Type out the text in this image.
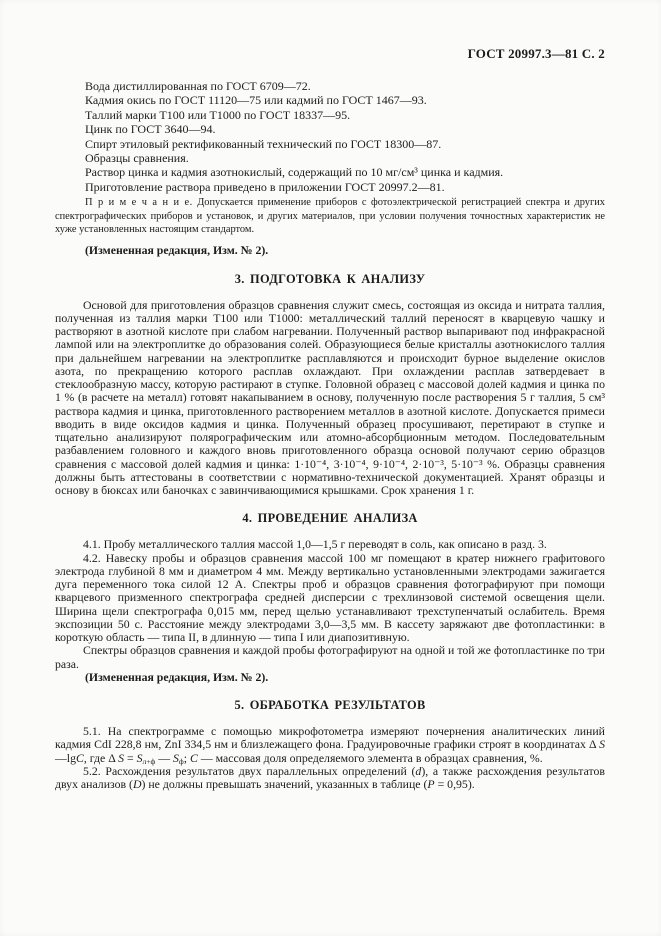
ГОСТ 20997.3—81 С. 2

Вода дистиллированная по ГОСТ 6709—72.

Кадмия окись по ГОСТ 11120—75 или кадмий по ГОСТ 1467—93.

Таллий марки Т100 или Т1000 по ГОСТ 18337—95.

Цинк по ГОСТ 3640—94.

Спирт этиловый ректификованный технический по ГОСТ 18300—87.

Образцы сравнения.

Раствор цинка и кадмия азотнокислый, содержащий по 10 мг/см³ цинка и кадмия.

Приготовление раствора приведено в приложении ГОСТ 20997.2—81.

П р и м е ч а н и е. Допускается применение приборов с фотоэлектрической регистрацией спектра и других спектрографических приборов и установок, и других материалов, при условии получения точностных характеристик не хуже установленных настоящим стандартом.

(Измененная редакция, Изм. № 2).

3. ПОДГОТОВКА К АНАЛИЗУ

Основой для приготовления образцов сравнения служит смесь, состоящая из оксида и нитрата таллия, полученная из таллия марки Т100 или Т1000: металлический таллий переносят в кварцевую чашку и растворяют в азотной кислоте при слабом нагревании. Полученный раствор выпаривают под инфракрасной лампой или на электроплитке до образования солей. Образующиеся белые кристаллы азотнокислого таллия при дальнейшем нагревании на электроплитке расплавляются и происходит бурное выделение окислов азота, по прекращению которого расплав охлаждают. При охлаждении расплав затвердевает в стеклообразную массу, которую растирают в ступке. Головной образец с массовой долей кадмия и цинка по 1 % (в расчете на металл) готовят накапыванием в основу, полученную после растворения 5 г таллия, 5 см³ раствора кадмия и цинка, приготовленного растворением металлов в азотной кислоте. Допускается примеси вводить в виде оксидов кадмия и цинка. Полученный образец просушивают, перетирают в ступке и тщательно анализируют полярографическим или атомно-абсорбционным методом. Последовательным разбавлением головного и каждого вновь приготовленного образца основой получают серию образцов сравнения с массовой долей кадмия и цинка: 1·10⁻⁴, 3·10⁻⁴, 9·10⁻⁴, 2·10⁻³, 5·10⁻³ %. Образцы сравнения должны быть аттестованы в соответствии с нормативно-технической документацией. Хранят образцы и основу в бюксах или баночках с завинчивающимися крышками. Срок хранения 1 г.

4. ПРОВЕДЕНИЕ АНАЛИЗА

4.1. Пробу металлического таллия массой 1,0—1,5 г переводят в соль, как описано в разд. 3.

4.2. Навеску пробы и образцов сравнения массой 100 мг помещают в кратер нижнего графитового электрода глубиной 8 мм и диаметром 4 мм. Между вертикально установленными электродами зажигается дуга переменного тока силой 12 А. Спектры проб и образцов сравнения фотографируют при помощи кварцевого призменного спектрографа средней дисперсии с трехлинзовой системой освещения щели. Ширина щели спектрографа 0,015 мм, перед щелью устанавливают трехступенчатый ослабитель. Время экспозиции 50 с. Расстояние между электродами 3,0—3,5 мм. В кассету заряжают две фотопластинки: в короткую область — типа II, в длинную — типа I или диапозитивную.

Спектры образцов сравнения и каждой пробы фотографируют на одной и той же фотопластинке по три раза.

(Измененная редакция, Изм. № 2).

5. ОБРАБОТКА РЕЗУЛЬТАТОВ

5.1. На спектрограмме с помощью микрофотометра измеряют почернения аналитических линий кадмия CdI 228,8 нм, ZnI 334,5 нм и близлежащего фона. Градуировочные графики строят в координатах Δ S—lgC, где Δ $S = S_{л+ф}$ — $S_ф$; C — массовая доля определяемого элемента в образцах сравнения, %.

5.2. Расхождения результатов двух параллельных определений (d), а также расхождения результатов двух анализов (D) не должны превышать значений, указанных в таблице (P = 0,95).
